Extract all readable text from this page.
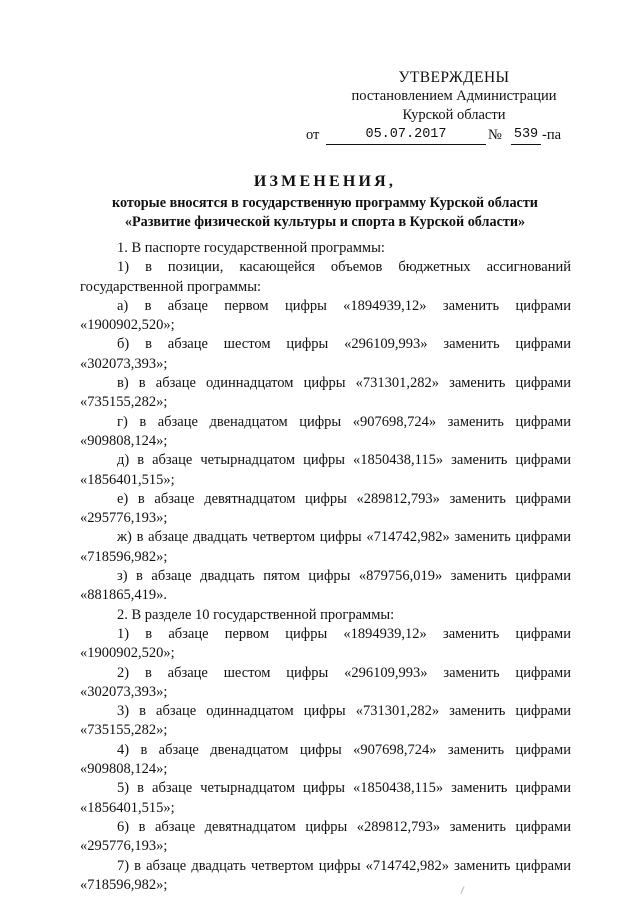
УТВЕРЖДЕНЫ
постановлением Администрации
Курской области
от	05.07.2017	№ 539 -па
ИЗМЕНЕНИЯ,
которые вносятся в государственную программу Курской области
«Развитие физической культуры и спорта в Курской области»

1. В паспорте государственной программы:

1) в позиции, касающейся объемов бюджетных ассигнований государственной программы:

а) в абзаце первом цифры «1894939,12» заменить цифрами «1900902,520»;

б) в абзаце шестом цифры «296109,993» заменить цифрами «302073,393»;

в) в абзаце одиннадцатом цифры «731301,282» заменить цифрами «735155,282»;

г) в абзаце двенадцатом цифры «907698,724» заменить цифрами «909808,124»;

д) в абзаце четырнадцатом цифры «1850438,115» заменить цифрами «1856401,515»;

е) в абзаце девятнадцатом цифры «289812,793» заменить цифрами «295776,193»;

ж) в абзаце двадцать четвертом цифры «714742,982» заменить цифрами «718596,982»;

з) в абзаце двадцать пятом цифры «879756,019» заменить цифрами «881865,419».

2. В разделе 10 государственной программы:

1) в абзаце первом цифры «1894939,12» заменить цифрами «1900902,520»;

2) в абзаце шестом цифры «296109,993» заменить цифрами «302073,393»;

3) в абзаце одиннадцатом цифры «731301,282» заменить цифрами «735155,282»;

4) в абзаце двенадцатом цифры «907698,724» заменить цифрами «909808,124»;

5) в абзаце четырнадцатом цифры «1850438,115» заменить цифрами «1856401,515»;

6) в абзаце девятнадцатом цифры «289812,793» заменить цифрами «295776,193»;

7) в абзаце двадцать четвертом цифры «714742,982» заменить цифрами «718596,982»;
